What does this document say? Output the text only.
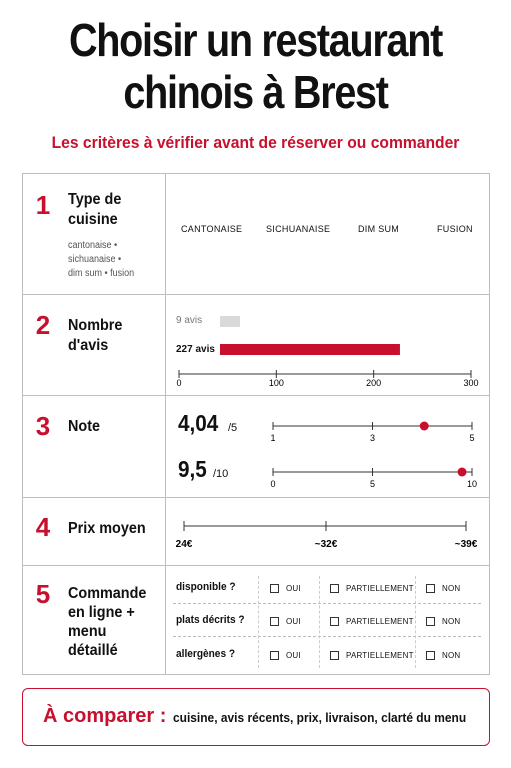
Choisir un restaurant
chinois à Brest
Les critères à vérifier avant de réserver ou commander
1 Type de cuisine
cantonaise •
sichuanaise •
dim sum • fusion
CANTONAISE	SICHUANAISE	DIM SUM	FUSION
2 Nombre d'avis
9 avis
227 avis
0	100	200	300
3 Note	4,04 /5
9,5 /10
1	3	5
0	5	10
4 Prix moyen
24€	~32€	~39€
5 Commande en ligne + menu détaillé
disponible ?	OUI	PARTIELLEMENT	NON
plats décrits ?	OUI	PARTIELLEMENT	NON
allergènes ?	OUI	PARTIELLEMENT	NON
À comparer : cuisine, avis récents, prix, livraison, clarté du menu
